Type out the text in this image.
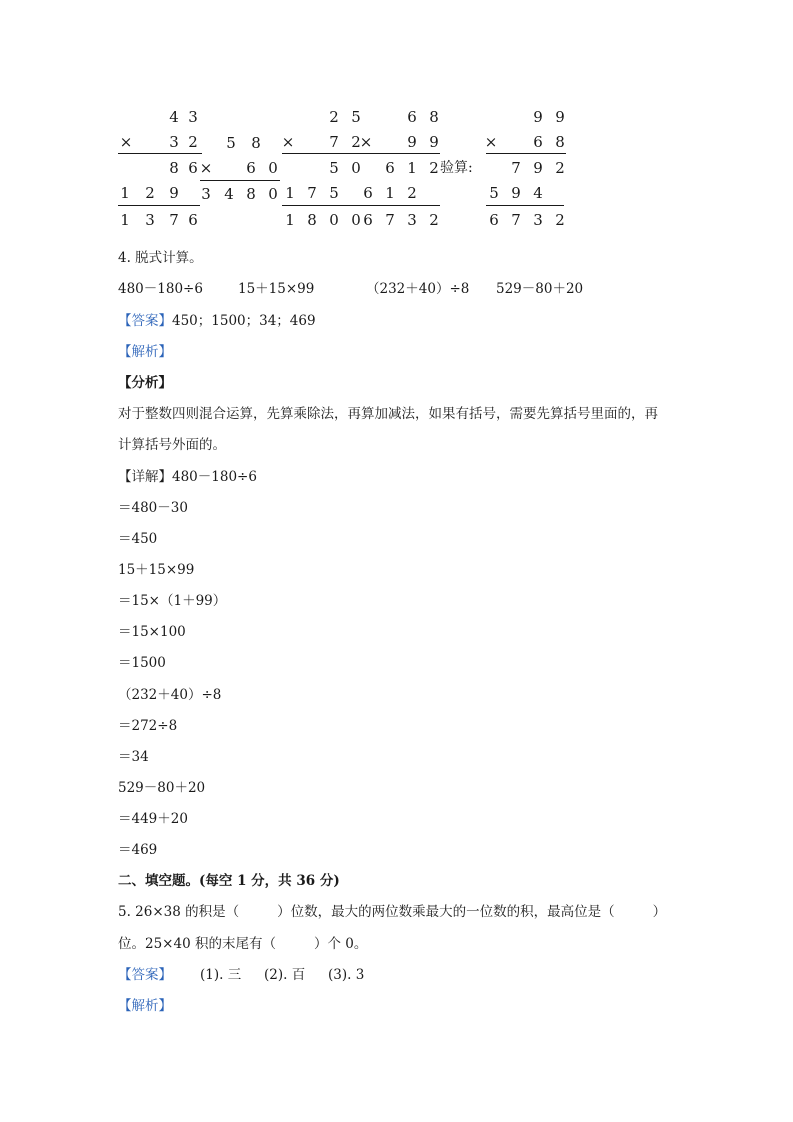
4 3
× 3 2
8 6
1 2 9
1 3 7 6
5 8
× 6 0
3 4 8 0
2 5
× 7 2
5 0
1 7 5
1 8 0 0
6 8
× 9 9
6 1 2
6 1 2
6 7 3 2
验算:
9 9
× 6 8
7 9 2
5 9 4
6 7 3 2
4. 脱式计算。
480－180÷6	15＋15×99	（232＋40）÷8 529－80＋20
【答案】450；1500；34；469
【解析】
【分析】
对于整数四则混合运算，先算乘除法，再算加减法，如果有括号，需要先算括号里面的，再
计算括号外面的。
【详解】480－180÷6
＝480－30
＝450
15＋15×99
＝15×（1＋99）
＝15×100
＝1500
（232＋40）÷8
＝272÷8
＝34
529－80＋20
＝449＋20
＝469
二、填空题。(每空 1 分，共 36 分)
5. 26×38 的积是（	）位数，最大的两位数乘最大的一位数的积，最高位是（	）
位。25×40 积的末尾有（	）个 0。
【答案】 (1). 三 (2). 百 (3). 3
【解析】
